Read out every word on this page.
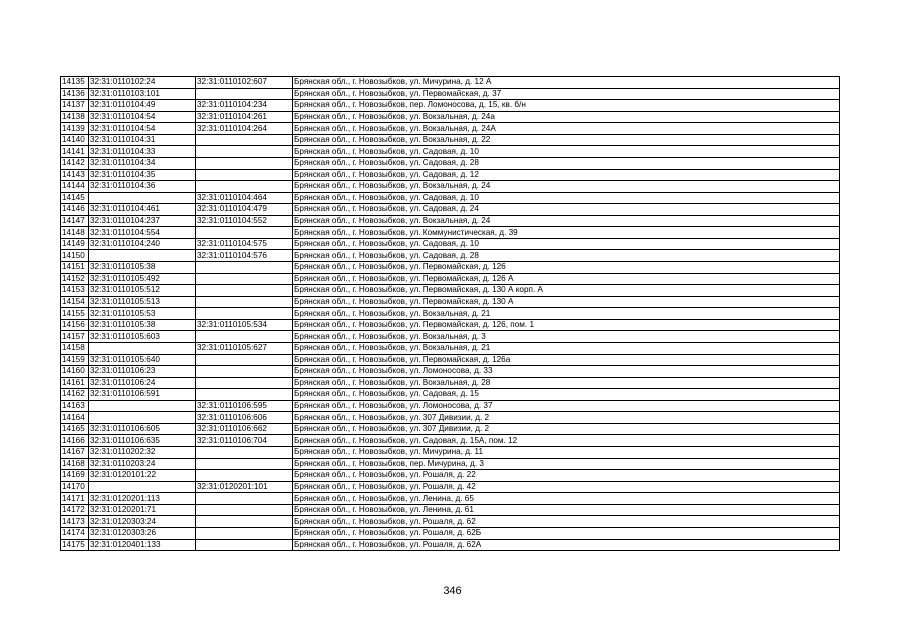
14135	32:31:0110102:24	32:31:0110102:607	Брянская обл., г. Новозыбков, ул. Мичурина, д. 12 А
14136	32:31:0110103:101		Брянская обл., г. Новозыбков, ул. Первомайская, д. 37
14137	32:31:0110104:49	32:31:0110104:234	Брянская обл., г. Новозыбков, пер. Ломоносова, д. 15, кв. б/н
14138	32:31:0110104:54	32:31:0110104:261	Брянская обл., г. Новозыбков, ул. Вокзальная, д. 24а
14139	32:31:0110104:54	32:31:0110104:264	Брянская обл., г. Новозыбков, ул. Вокзальная, д. 24А
14140	32:31:0110104:31		Брянская обл., г. Новозыбков, ул. Вокзальная, д. 22
14141	32:31:0110104:33		Брянская обл., г. Новозыбков, ул. Садовая, д. 10
14142	32:31:0110104:34		Брянская обл., г. Новозыбков, ул. Садовая, д. 28
14143	32:31:0110104:35		Брянская обл., г. Новозыбков, ул. Садовая, д. 12
14144	32:31:0110104:36		Брянская обл., г. Новозыбков, ул. Вокзальная, д. 24
14145		32:31:0110104:464	Брянская обл., г. Новозыбков, ул. Садовая, д. 10
14146	32:31:0110104:461	32:31:0110104:479	Брянская обл., г. Новозыбков, ул. Садовая, д. 24
14147	32:31:0110104:237	32:31:0110104:552	Брянская обл., г. Новозыбков, ул. Вокзальная, д. 24
14148	32:31:0110104:554		Брянская обл., г. Новозыбков, ул. Коммунистическая, д. 39
14149	32:31:0110104:240	32:31:0110104:575	Брянская обл., г. Новозыбков, ул. Садовая, д. 10
14150		32:31:0110104:576	Брянская обл., г. Новозыбков, ул. Садовая, д. 28
14151	32:31:0110105:38		Брянская обл., г. Новозыбков, ул. Первомайская, д. 126
14152	32:31:0110105:492		Брянская обл., г. Новозыбков, ул. Первомайская, д. 126 А
14153	32:31:0110105:512		Брянская обл., г. Новозыбков, ул. Первомайская, д. 130 А корп. А
14154	32:31:0110105:513		Брянская обл., г. Новозыбков, ул. Первомайская, д. 130 А
14155	32:31:0110105:53		Брянская обл., г. Новозыбков, ул. Вокзальная, д. 21
14156	32:31:0110105:38	32:31:0110105:534	Брянская обл., г. Новозыбков, ул. Первомайская, д. 126, пом. 1
14157	32:31:0110105:603		Брянская обл., г. Новозыбков, ул. Вокзальная, д. 3
14158		32:31:0110105:627	Брянская обл., г. Новозыбков, ул. Вокзальная, д. 21
14159	32:31:0110105:640		Брянская обл., г. Новозыбков, ул. Первомайская, д. 126а
14160	32:31:0110106:23		Брянская обл., г. Новозыбков, ул. Ломоносова, д. 33
14161	32:31:0110106:24		Брянская обл., г. Новозыбков, ул. Вокзальная, д. 28
14162	32:31:0110106:591		Брянская обл., г. Новозыбков, ул. Садовая, д. 15
14163		32:31:0110106:595	Брянская обл., г. Новозыбков, ул. Ломоносова, д. 37
14164		32:31:0110106:606	Брянская обл., г. Новозыбков, ул. 307 Дивизии, д. 2
14165	32:31:0110106:605	32:31:0110106:662	Брянская обл., г. Новозыбков, ул. 307 Дивизии, д. 2
14166	32:31:0110106:635	32:31:0110106:704	Брянская обл., г. Новозыбков, ул. Садовая, д. 15А, пом. 12
14167	32:31:0110202:32		Брянская обл., г. Новозыбков, ул. Мичурина, д. 11
14168	32:31:0110203:24		Брянская обл., г. Новозыбков, пер. Мичурина, д. 3
14169	32:31:0120101:22		Брянская обл., г. Новозыбков, ул. Рошаля, д. 22
14170		32:31:0120201:101	Брянская обл., г. Новозыбков, ул. Рошаля, д. 42
14171	32:31:0120201:113		Брянская обл., г. Новозыбков, ул. Ленина, д. 65
14172	32:31:0120201:71		Брянская обл., г. Новозыбков, ул. Ленина, д. 61
14173	32:31:0120303:24		Брянская обл., г. Новозыбков, ул. Рошаля, д. 62
14174	32:31:0120303:26		Брянская обл., г. Новозыбков, ул. Рошаля, д. 62Б
14175	32:31:0120401:133		Брянская обл., г. Новозыбков, ул. Рошаля, д. 62А
346
